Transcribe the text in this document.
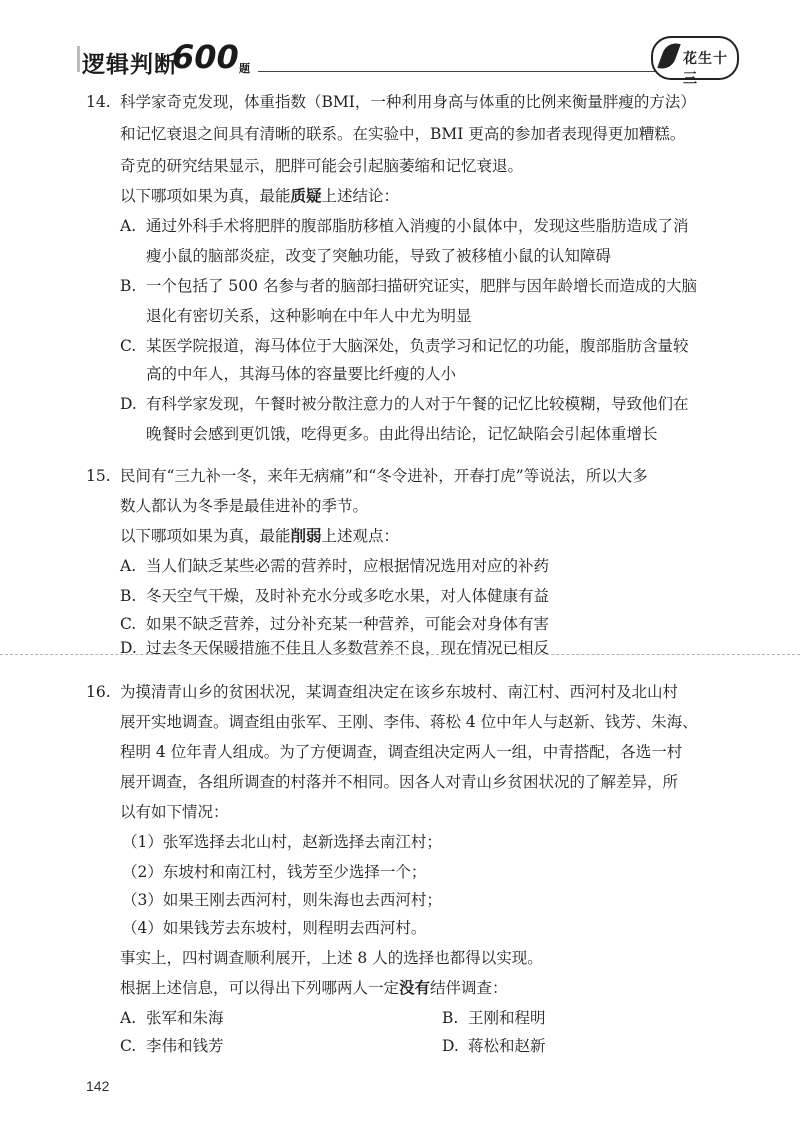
逻辑判断
600 题
花生十三
14. 科学家奇克发现，体重指数（BMI，一种利用身高与体重的比例来衡量胖瘦的方法）
和记忆衰退之间具有清晰的联系。在实验中，BMI 更高的参加者表现得更加糟糕。
奇克的研究结果显示，肥胖可能会引起脑萎缩和记忆衰退。
以下哪项如果为真，最能质疑上述结论：
A. 通过外科手术将肥胖的腹部脂肪移植入消瘦的小鼠体中，发现这些脂肪造成了消
瘦小鼠的脑部炎症，改变了突触功能，导致了被移植小鼠的认知障碍
B. 一个包括了 500 名参与者的脑部扫描研究证实，肥胖与因年龄增长而造成的大脑
退化有密切关系，这种影响在中年人中尤为明显
C. 某医学院报道，海马体位于大脑深处，负责学习和记忆的功能，腹部脂肪含量较
高的中年人，其海马体的容量要比纤瘦的人小
D. 有科学家发现，午餐时被分散注意力的人对于午餐的记忆比较模糊，导致他们在
晚餐时会感到更饥饿，吃得更多。由此得出结论，记忆缺陷会引起体重增长
15. 民间有“三九补一冬，来年无病痛”和“冬令进补，开春打虎”等说法，所以大多
数人都认为冬季是最佳进补的季节。
以下哪项如果为真，最能削弱上述观点：
A. 当人们缺乏某些必需的营养时，应根据情况选用对应的补药
B. 冬天空气干燥，及时补充水分或多吃水果，对人体健康有益
C. 如果不缺乏营养，过分补充某一种营养，可能会对身体有害
D. 过去冬天保暖措施不佳且人多数营养不良，现在情况已相反
16. 为摸清青山乡的贫困状况，某调查组决定在该乡东坡村、南江村、西河村及北山村
展开实地调查。调查组由张军、王刚、李伟、蒋松 4 位中年人与赵新、钱芳、朱海、
程明 4 位年青人组成。为了方便调查，调查组决定两人一组，中青搭配，各选一村
展开调查，各组所调查的村落并不相同。因各人对青山乡贫困状况的了解差异，所
以有如下情况：
（1）张军选择去北山村，赵新选择去南江村；
（2）东坡村和南江村，钱芳至少选择一个；
（3）如果王刚去西河村，则朱海也去西河村；
（4）如果钱芳去东坡村，则程明去西河村。
事实上，四村调查顺利展开，上述 8 人的选择也都得以实现。
根据上述信息，可以得出下列哪两人一定没有结伴调查：
A. 张军和朱海	B. 王刚和程明
C. 李伟和钱芳	D. 蒋松和赵新
142
